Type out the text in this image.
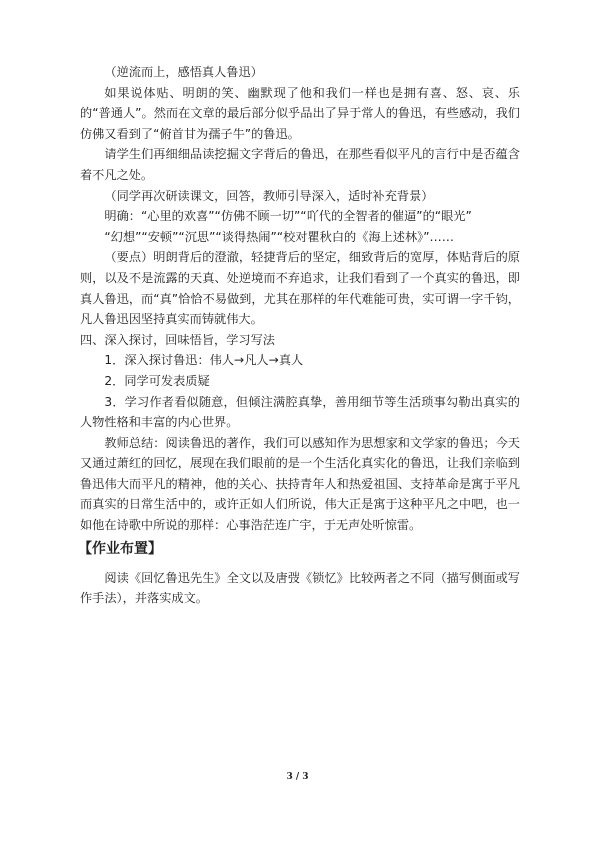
（逆流而上，感悟真人鲁迅）
如果说体贴、明朗的笑、幽默现了他和我们一样也是拥有喜、怒、哀、乐的“普通人”。然而在文章的最后部分似乎品出了异于常人的鲁迅，有些感动，我们仿佛又看到了“俯首甘为孺子牛”的鲁迅。
请学生们再细细品读挖掘文字背后的鲁迅，在那些看似平凡的言行中是否蕴含着不凡之处。
（同学再次研读课文，回答，教师引导深入，适时补充背景）
明确：“心里的欢喜”“仿佛不顾一切”“吖代的全智者的催逼”的“眼光”
“幻想”“安顿”“沉思”“谈得热闹”“校对瞿秋白的《海上述林》”……
（要点）明朗背后的澄澈，轻捷背后的坚定，细致背后的宽厚，体贴背后的原则，以及不是流露的天真、处逆境而不弃追求，让我们看到了一个真实的鲁迅，即真人鲁迅，而“真”恰恰不易做到，尤其在那样的年代难能可贵，实可谓一字千钧，凡人鲁迅因坚持真实而铸就伟大。
四、深入探讨，回味悟旨，学习写法
1．深入探讨鲁迅：伟人→凡人→真人
2．同学可发表质疑
3．学习作者看似随意，但倾注满腔真挚，善用细节等生活琐事勾勒出真实的人物性格和丰富的内心世界。
教师总结：阅读鲁迅的著作，我们可以感知作为思想家和文学家的鲁迅；今天又通过萧红的回忆，展现在我们眼前的是一个生活化真实化的鲁迅，让我们亲临到鲁迅伟大而平凡的精神，他的关心、扶持青年人和热爱祖国、支持革命是寓于平凡而真实的日常生活中的，或许正如人们所说，伟大正是寓于这种平凡之中吧，也一如他在诗歌中所说的那样：心事浩茫连广宇，于无声处听惊雷。
【作业布置】
阅读《回忆鲁迅先生》全文以及唐弢《锁忆》比较两者之不同（描写侧面或写作手法），并落实成文。
3 / 3
